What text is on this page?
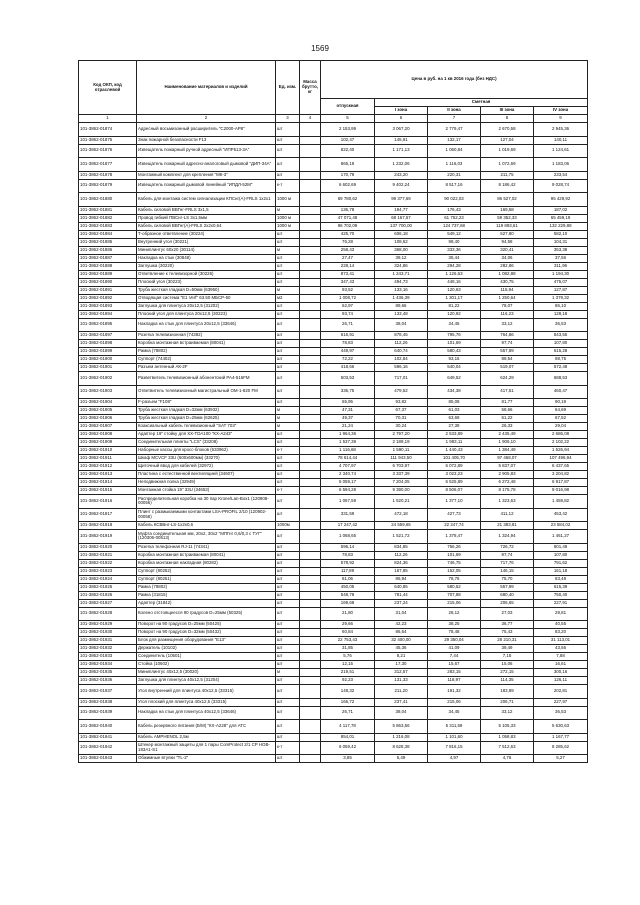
1569
Код ОКП, код отраслевой	Наименование материалов и изделий	Ед. изм.	Масса брутто, кг	Цена в руб. на 1 кв 2016 года (без НДС)				
				отпускная	Сметная			
					I зона	II зона	III зона	IV зона
1	2	3	4	5	6	7	8	9
101-3862-01874	Адресный восьмизонный расширитель "С2000-АР8"	шт		2 153,99	3 067,20	2 779,47	2 670,58	2 945,36
101-3862-01875	Знак пожарной безопасности F13	шт		102,47	145,91	132,17	127,04	140,11
101-3862-01876	Извещатель пожарный ручной адресный "ИПР513-3А"	шт		822,40	1 171,13	1 060,84	1 019,69	1 124,61
101-3862-01877	Извещатель пожарный адресно-аналоговый дымовой "ДИП-34А"	шт		865,19	1 232,06	1 116,03	1 072,69	1 183,06
101-3862-01878	Монтажный комплект для крепления "МК-3"	шт		170,79	243,20	220,31	211,75	233,54
101-3862-01879	Извещатель пожарный дымовой линейный "ИПДЛ-52М"	к-т		6 602,69	9 402,24	8 517,16	8 186,42	9 028,74
101-3862-01880	Кабель для монтажа систем сигнализации КПСнг(А)-FRLS 1х2х1	1000 м		69 780,62	99 377,69	90 022,03	86 527,02	95 429,92
101-3862-01881	Кабель силовой ВВГнг-FRLS 3х1,5	м		136,78	194,77	176,43	169,58	187,02
101-3862-01882	Провод гибкий ПВСнг-LS 3х1,5мм	1000 м		47 071,48	68 167,57	61 752,23	59 352,33	65 459,19
101-3862-01883	Кабель силовой ВВГнг(А)-FRLS 2х2х0,64	1000 м		96 702,09	137 700,00	124 737,68	119 893,61	132 229,88
101-3862-01884	Т-образное ответвление (30224)	шт		425,70	606,18	549,12	527,80	582,10
101-3862-01885	Внутренний угол (30221)	шт		76,28	108,62	98,40	94,58	104,31
101-3862-01886	Миниплинтус 60х20 (30114)	м		258,43	368,00	333,36	320,41	353,38
101-3862-01887	Накладка на стык (30848)	шт		27,47	39,12	35,44	34,06	37,56
101-3862-01888	Заглушка (30220)	шт		228,14	324,86	294,28	282,86	311,96
101-3862-01889	Ответвление к телевизорной (30226)	шт		873,41	1 243,71	1 126,63	1 082,88	1 194,30
101-3862-01890	Плоский угол (30223)	шт		347,43	494,73	448,16	430,75	475,07
101-3862-01891	Труба жесткая гладкая D=50мм (63950)	м		93,52	133,16	120,63	115,94	127,87
101-3862-01892	Отводящая система "Е1 Verf" 63.50 МБСР-50	м2		1 008,72	1 436,39	1 301,17	1 250,64	1 379,32
101-3862-01893	Заглушка для плинтуса 20х12,5 (31202)	шт		62,97	89,66	81,22	78,07	86,10
101-3862-01894	Плоский угол для плинтуса 20х12,5 (30223)	шт		93,74	133,48	120,92	116,23	128,18
101-3862-01895	Накладка на стык для плинтуса 20х12,5 (33646)	шт		26,71	38,04	34,45	33,12	36,53
101-3862-01897	Розетка телевизионная (74382)	шт		616,91	878,45	795,76	764,86	843,55
101-3862-01898	Коробка монтажная встраиваемая (80041)	шт		78,83	112,26	101,69	97,74	107,80
101-3862-01899	Рамка (78802)	шт		449,97	640,74	580,43	557,89	615,28
101-3862-01900	Суппорт (74402)	шт		72,22	102,84	93,16	89,54	98,75
101-3862-01901	Разъем антенный АК-2F	шт		418,66	596,16	540,04	519,07	572,48
101-3862-01902	Разветвитель телевизионный абонентский РА4-516FM	шт		503,53	717,01	649,52	624,29	688,53
101-3862-01903	Ответвитель телевизионный магистральный ОМ-1-820 FM	шт		336,75	479,52	434,38	417,51	460,47
101-3862-01904	F-разъем "F108"	шт		65,95	93,82	85,08	81,77	90,19
101-3862-01905	Труба жесткая гладкая D=32мм (63932)	м		47,31	67,37	61,03	58,66	64,69
101-3862-01906	Труба жесткая гладкая D=25мм (62625)	м		49,37	70,31	63,69	61,22	67,52
101-3862-01907	Коаксиальный кабель телевизионный "SAT 703"	м		21,24	30,24	27,39	26,33	29,04
101-3862-01908	Адаптер 19" стойку для ХХ-TDA100 "КХ-А243"	шт		1 964,36	2 797,20	2 533,89	2 435,49	2 686,08
101-3862-01909	Соединительная плинты "LCS" (33208)	шт		1 537,39	2 189,19	1 983,11	1 906,10	2 102,22
101-3862-01910	Наборные кассы для кросс-блоков (633962)	к-т		1 116,68	1 590,11	1 440,43	1 384,49	1 526,94
101-3862-01911	Шкаф МСVCF 33U (600х600мм) (33270)	шт		78 614,44	111 943,50	101 405,70	97 468,07	107 496,94
101-3862-01912	Щиточный ввод для кабелей (32972)	шт		4 707,97	6 703,97	6 072,89	5 837,07	6 437,65
101-3862-01913	Пластина с естественной вентиляцией (34607)	шт		2 340,74	3 337,39	3 023,23	2 905,83	3 204,82
101-3862-01914	Неподвижная полка (32949)	шт		5 059,17	7 204,05	6 525,89	6 272,48	6 917,87
101-3862-01915	Монтажная стойка 19" 33U (34653)	к-т		6 594,28	9 390,00	8 506,07	8 175,78	9 016,98
101-3862-01916	Распределительная коробка на 30 пар Krone/Lan-Box1 (120908-00056)	шт		1 067,59	1 520,21	1 377,10	1 323,63	1 459,82
101-3862-01917	Плинт с размыкаемыми контактами LSA-PROFIL 2/10 (120902-00058)	шт		331,59	472,18	427,73	411,12	453,42
101-3862-01918	Кабель КСВВнг-LS-1х2х0,6	1000м		17 247,42	24 559,65	22 247,74	21 383,81	23 584,02
101-3862-01919	Муфта соединительная мм, 20х2, 30х2 "МПГнг 0,6/0,3 с ТУГ" (120306-00513)	шт		1 068,65	1 521,72	1 378,47	1 324,94	1 461,27
101-3862-01920	Розетка телефонная RJ-11 (74341)	шт		596,14	834,85	756,26	726,72	801,49
101-3862-01921	Коробка монтажная встраиваемая (80041)	шт		78,83	112,26	101,69	97,74	107,80
101-3862-01922	Коробка монтажная накладная (80282)	шт		578,92	824,36	746,75	717,76	791,62
101-3862-01923	Суппорт (80252)	шт		117,89	167,85	152,05	146,15	161,18
101-3862-01924	Суппорт (80251)	шт		61,06	86,94	78,76	75,70	83,49
101-3862-01925	Рамка (78802)	шт		450,05	640,85	580,52	557,99	615,39
101-3862-01926	Рамка (31815)	шт		548,78	781,44	707,88	680,40	750,40
101-3862-01927	Адаптер (31842)	шт		169,68	237,24	215,06	206,65	227,91
101-3862-01928	Колено отстоящеесся 90 градусов D=25мм (50325)	шт		21,80	31,04	28,12	27,03	29,81
101-3862-01929	Поворот на 90 градусов D=25мм (50425)	шт		29,66	42,23	38,25	36,77	40,55
101-3862-01930	Поворот на 90 градусов D=32мм (50432)	шт		60,84	86,64	78,48	75,43	83,20
101-3862-01931	Блок для размещения оборудования "Е13"	шт		22 753,43	32 400,00	29 350,04	28 210,31	31 113,01
101-3862-01932	Держатель (10102)	шт		31,85	45,36	41,09	39,49	43,56
101-3862-01933	Соединитель (10501)	шт		5,76	8,21	7,44	7,15	7,88
101-3862-01934	Стойка (10602)	шт		12,15	17,30	15,67	15,06	16,61
101-3862-01935	Миниплинтус 40х12,5 (30020)	м		219,51	312,57	283,15	272,15	300,16
101-3862-01936	Заглушка для плинтуса 40х12,5 (31204)	шт		92,23	131,33	118,97	114,35	126,11
101-3862-01937	Угол внутренний для плинтуса 40х12,5 (33315)	шт		148,32	211,20	191,32	183,89	202,81
101-3862-01938	Угол плоский для плинтуса 40х12,5 (33315)	шт		166,72	237,41	215,06	206,71	227,97
101-3862-01939	Накладка на стык для плинтуса 40х12,5 (33646)	шт		26,71	38,04	34,45	33,12	36,53
101-3862-01940	Кабель резервного питания (Б/М) "КХ-А228" для АТС	шт		4 117,78	5 863,56	5 311,59	5 105,33	5 630,63
101-3862-01941	Кабель AMPHENOL 2,5м	шт		854,01	1 216,08	1 101,60	1 058,83	1 167,77
101-3862-01942	Штекер монтажный защиты для 1 пары ComProtect 2/1 CP HOB-183A1-S1	к-т		6 059,42	8 628,38	7 816,15	7 512,63	8 285,62
101-3862-01943	Обжимные втулки "ТL-2"	шт		3,85	5,49	4,97	4,76	5,27
